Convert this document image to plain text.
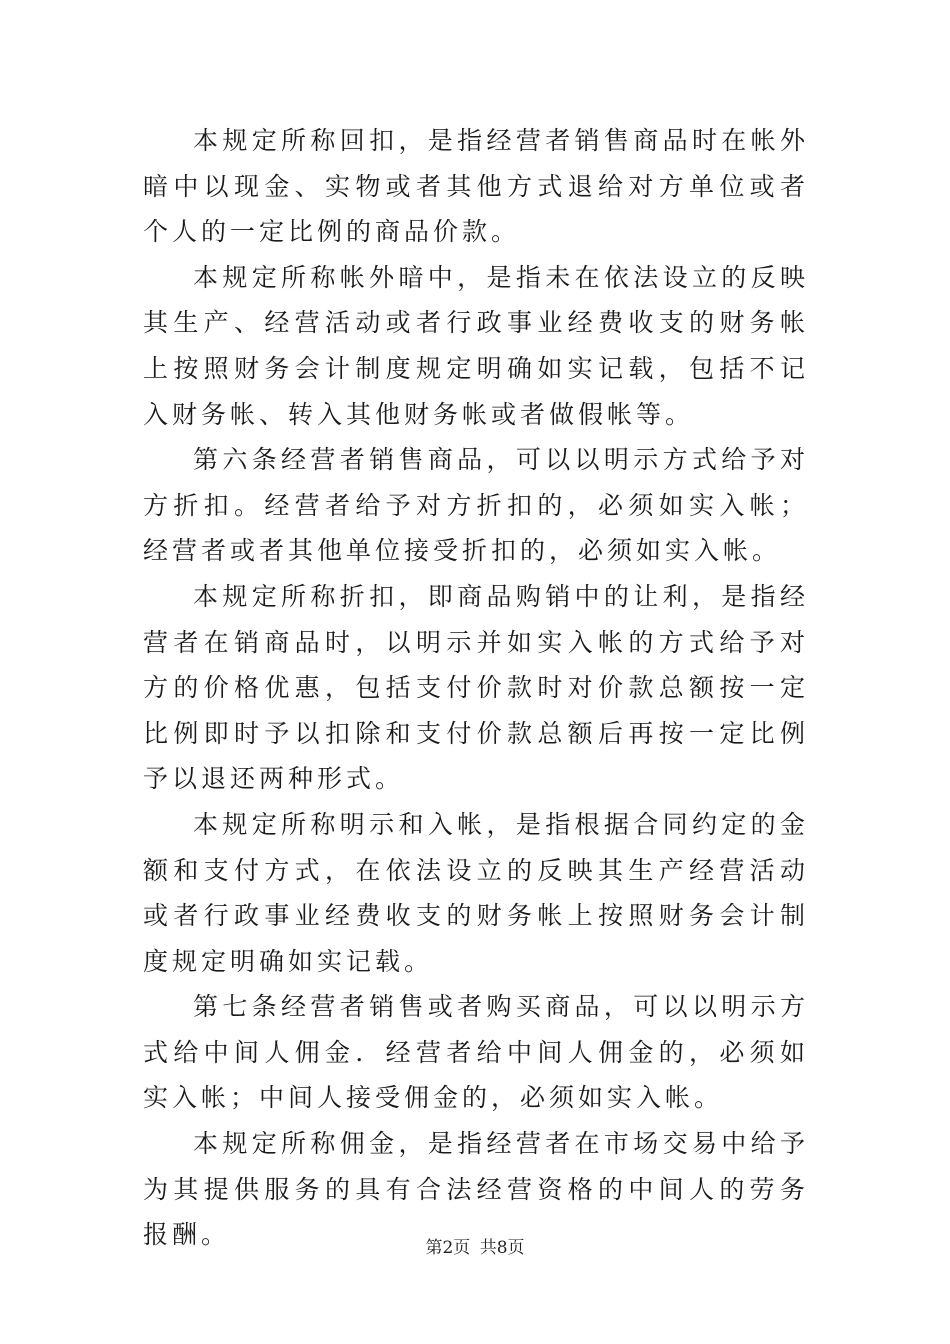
本规定所称回扣，是指经营者销售商品时在帐外暗中以现金、实物或者其他方式退给对方单位或者个人的一定比例的商品价款。

本规定所称帐外暗中，是指未在依法设立的反映其生产、经营活动或者行政事业经费收支的财务帐上按照财务会计制度规定明确如实记载，包括不记入财务帐、转入其他财务帐或者做假帐等。

第六条经营者销售商品，可以以明示方式给予对方折扣。经营者给予对方折扣的，必须如实入帐；经营者或者其他单位接受折扣的，必须如实入帐。

本规定所称折扣，即商品购销中的让利，是指经营者在销商品时，以明示并如实入帐的方式给予对方的价格优惠，包括支付价款时对价款总额按一定比例即时予以扣除和支付价款总额后再按一定比例予以退还两种形式。

本规定所称明示和入帐，是指根据合同约定的金额和支付方式，在依法设立的反映其生产经营活动或者行政事业经费收支的财务帐上按照财务会计制度规定明确如实记载。

第七条经营者销售或者购买商品，可以以明示方式给中间人佣金．经营者给中间人佣金的，必须如实入帐；中间人接受佣金的，必须如实入帐。

本规定所称佣金，是指经营者在市场交易中给予为其提供服务的具有合法经营资格的中间人的劳务报酬。	第2页 共8页
